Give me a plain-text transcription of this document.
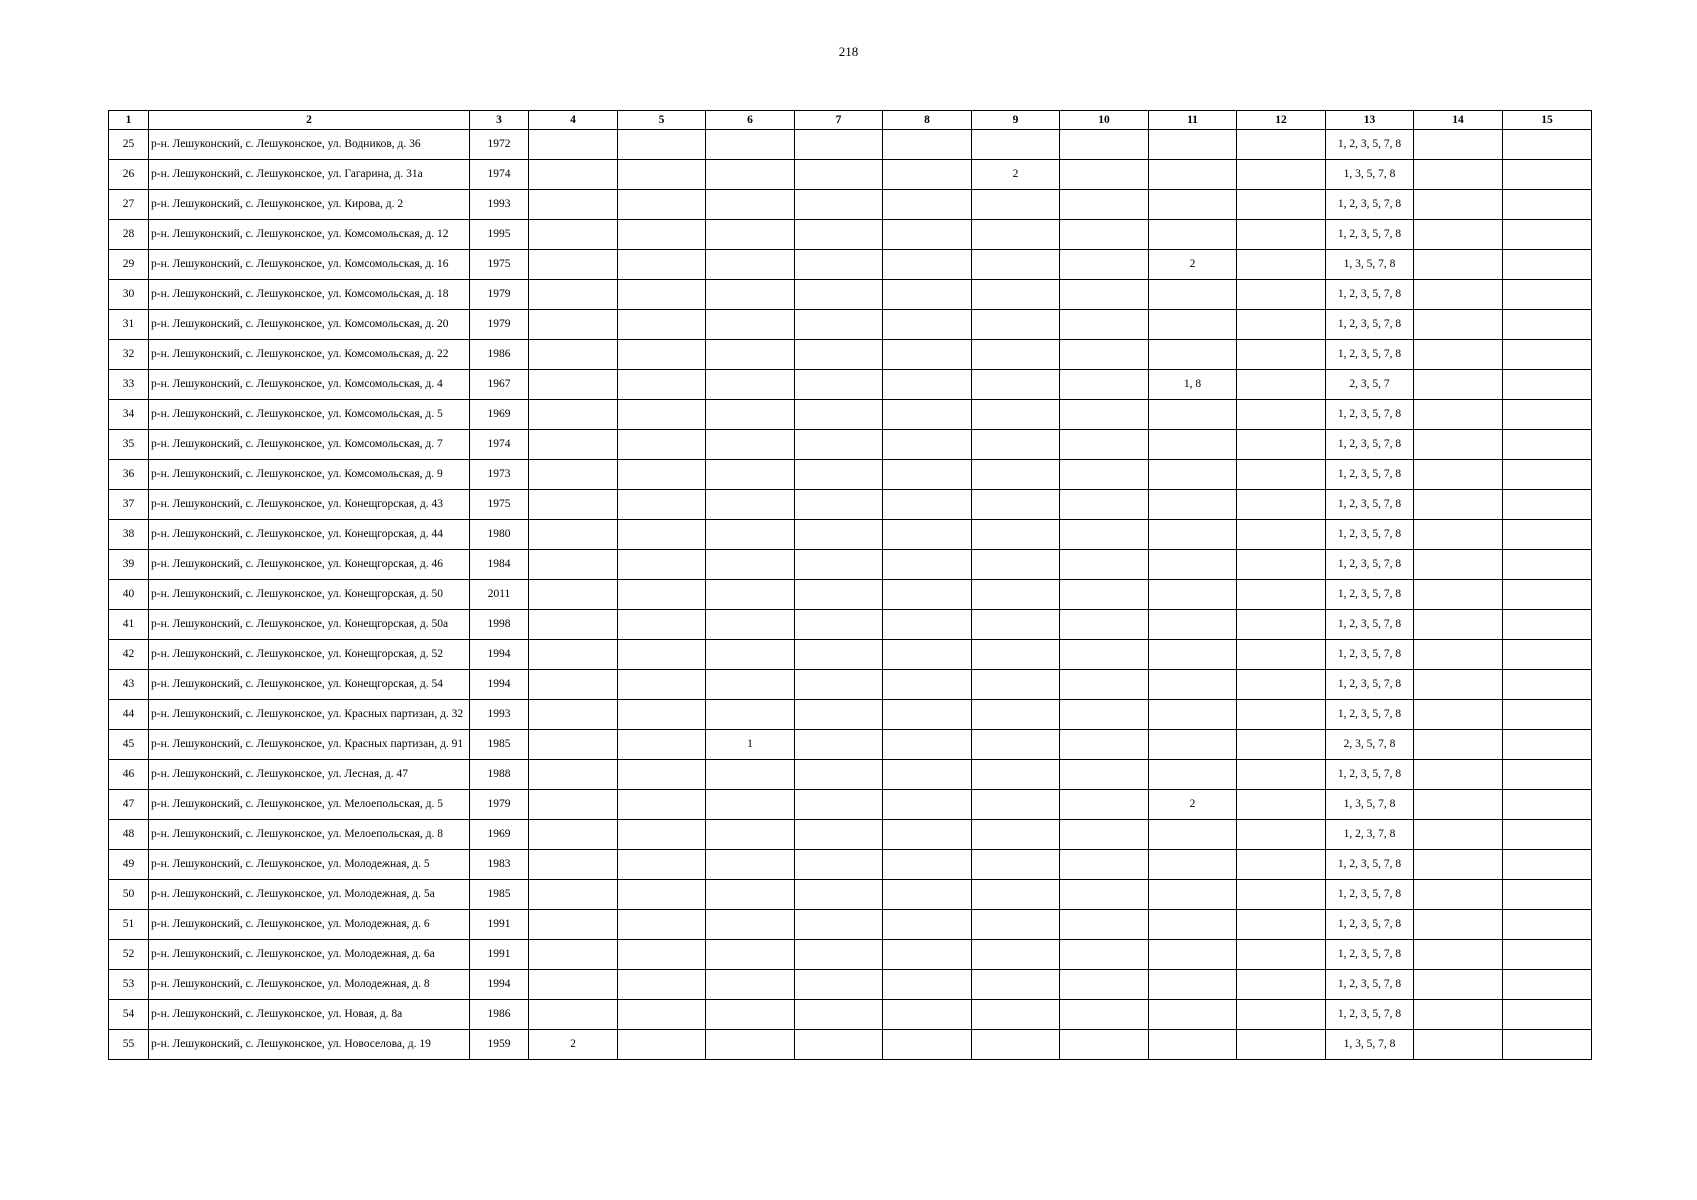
218
1	2	3	4	5	6	7	8	9	10	11	12	13	14	15
25	р-н. Лешуконский, с. Лешуконское, ул. Водников, д. 36	1972										1, 2, 3, 5, 7, 8		
26	р-н. Лешуконский, с. Лешуконское, ул. Гагарина, д. 31а	1974						2				1, 3, 5, 7, 8		
27	р-н. Лешуконский, с. Лешуконское, ул. Кирова, д. 2	1993										1, 2, 3, 5, 7, 8		
28	р-н. Лешуконский, с. Лешуконское, ул. Комсомольская, д. 12	1995										1, 2, 3, 5, 7, 8		
29	р-н. Лешуконский, с. Лешуконское, ул. Комсомольская, д. 16	1975								2		1, 3, 5, 7, 8		
30	р-н. Лешуконский, с. Лешуконское, ул. Комсомольская, д. 18	1979										1, 2, 3, 5, 7, 8		
31	р-н. Лешуконский, с. Лешуконское, ул. Комсомольская, д. 20	1979										1, 2, 3, 5, 7, 8		
32	р-н. Лешуконский, с. Лешуконское, ул. Комсомольская, д. 22	1986										1, 2, 3, 5, 7, 8		
33	р-н. Лешуконский, с. Лешуконское, ул. Комсомольская, д. 4	1967								1, 8		2, 3, 5, 7		
34	р-н. Лешуконский, с. Лешуконское, ул. Комсомольская, д. 5	1969										1, 2, 3, 5, 7, 8		
35	р-н. Лешуконский, с. Лешуконское, ул. Комсомольская, д. 7	1974										1, 2, 3, 5, 7, 8		
36	р-н. Лешуконский, с. Лешуконское, ул. Комсомольская, д. 9	1973										1, 2, 3, 5, 7, 8		
37	р-н. Лешуконский, с. Лешуконское, ул. Конещгорская, д. 43	1975										1, 2, 3, 5, 7, 8		
38	р-н. Лешуконский, с. Лешуконское, ул. Конещгорская, д. 44	1980										1, 2, 3, 5, 7, 8		
39	р-н. Лешуконский, с. Лешуконское, ул. Конещгорская, д. 46	1984										1, 2, 3, 5, 7, 8		
40	р-н. Лешуконский, с. Лешуконское, ул. Конещгорская, д. 50	2011										1, 2, 3, 5, 7, 8		
41	р-н. Лешуконский, с. Лешуконское, ул. Конещгорская, д. 50а	1998										1, 2, 3, 5, 7, 8		
42	р-н. Лешуконский, с. Лешуконское, ул. Конещгорская, д. 52	1994										1, 2, 3, 5, 7, 8		
43	р-н. Лешуконский, с. Лешуконское, ул. Конещгорская, д. 54	1994										1, 2, 3, 5, 7, 8		
44	р-н. Лешуконский, с. Лешуконское, ул. Красных партизан, д. 32	1993										1, 2, 3, 5, 7, 8		
45	р-н. Лешуконский, с. Лешуконское, ул. Красных партизан, д. 91	1985			1							2, 3, 5, 7, 8		
46	р-н. Лешуконский, с. Лешуконское, ул. Лесная, д. 47	1988										1, 2, 3, 5, 7, 8		
47	р-н. Лешуконский, с. Лешуконское, ул. Мелоепольская, д. 5	1979								2		1, 3, 5, 7, 8		
48	р-н. Лешуконский, с. Лешуконское, ул. Мелоепольская, д. 8	1969										1, 2, 3, 7, 8		
49	р-н. Лешуконский, с. Лешуконское, ул. Молодежная, д. 5	1983										1, 2, 3, 5, 7, 8		
50	р-н. Лешуконский, с. Лешуконское, ул. Молодежная, д. 5а	1985										1, 2, 3, 5, 7, 8		
51	р-н. Лешуконский, с. Лешуконское, ул. Молодежная, д. 6	1991										1, 2, 3, 5, 7, 8		
52	р-н. Лешуконский, с. Лешуконское, ул. Молодежная, д. 6а	1991										1, 2, 3, 5, 7, 8		
53	р-н. Лешуконский, с. Лешуконское, ул. Молодежная, д. 8	1994										1, 2, 3, 5, 7, 8		
54	р-н. Лешуконский, с. Лешуконское, ул. Новая, д. 8а	1986										1, 2, 3, 5, 7, 8		
55	р-н. Лешуконский, с. Лешуконское, ул. Новоселова, д. 19	1959	2									1, 3, 5, 7, 8		
